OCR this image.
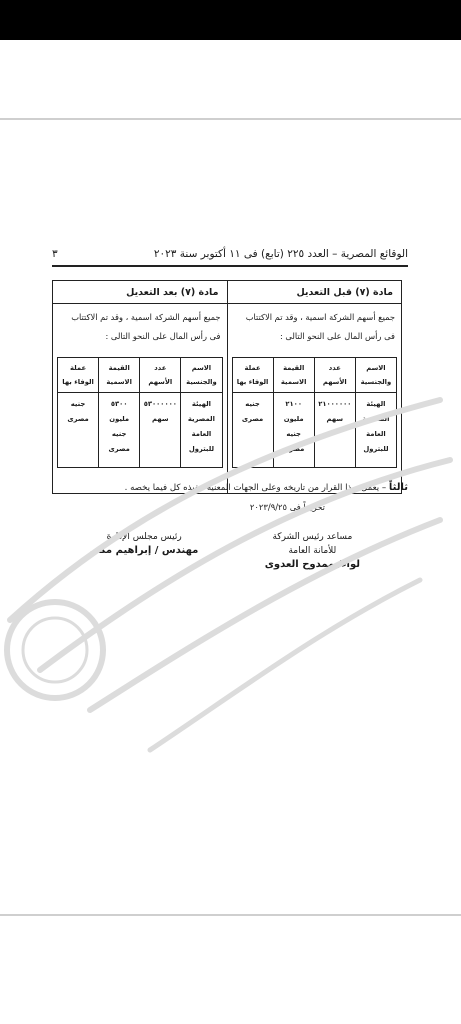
الوقائع المصرية – العدد ٢٢٥ (تابع) فى ١١ أكتوبر سنة ٢٠٢٣
٣
مادة (٧) قبل التعديل
جميع أسهم الشركة اسمية ، وقد تم الاكتتاب فى رأس المال على النحو التالى :
الاسم والجنسية
الهيئة المصرية العامة للبترول
عدد الأسهم
٢١٠٠٠٠٠٠ سهم
القيمة الاسمية
٢١٠٠ مليون جنيه مصرى
عملة الوفاء بها
جنيه مصرى
مادة (٧) بعد التعديل
جميع أسهم الشركة اسمية ، وقد تم الاكتتاب فى رأس المال على النحو التالى :
الاسم والجنسية
الهيئة المصرية العامة للبترول
عدد الأسهم
٥٣٠٠٠٠٠٠ سهم
القيمة الاسمية
٥٣٠٠ مليون جنيه مصرى
عملة الوفاء بها
جنيه مصرى
ثالثاً – يعمل بهذا القرار من تاريخه وعلى الجهات المعنية تنفيذه كل فيما يخصه .
تحريراً فى ٢٠٢٣/٩/٢٥
مساعد رئيس الشركة
للأمانة العامة
لواء/ ممدوح العدوى
رئيس مجلس الإدارة
مهندس / إبراهيم مكى
